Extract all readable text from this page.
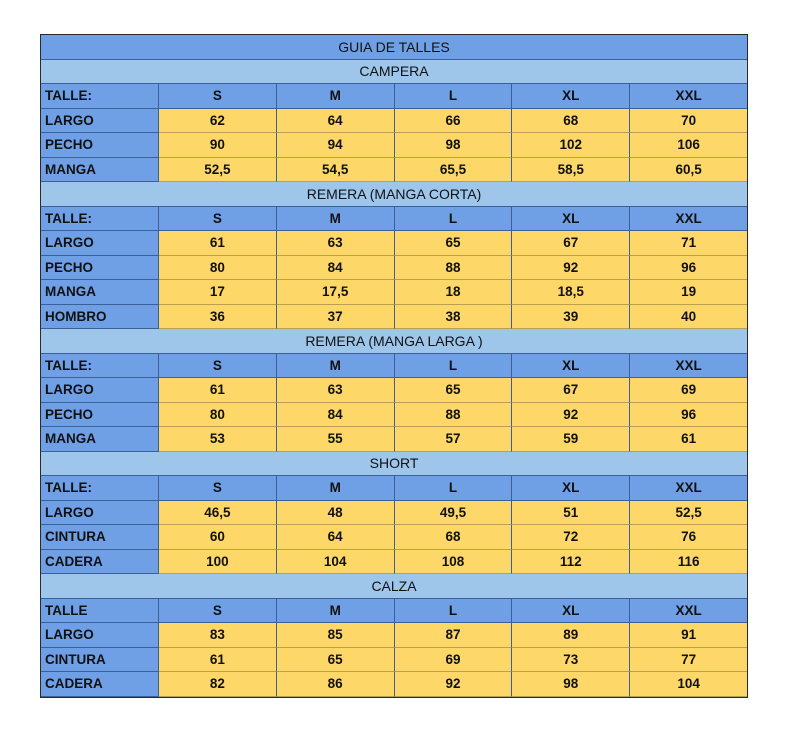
GUIA DE TALLES
CAMPERA
TALLE:	S	M	L	XL	XXL
LARGO	62	64	66	68	70
PECHO	90	94	98	102	106
MANGA	52,5	54,5	65,5	58,5	60,5
REMERA (MANGA CORTA)
TALLE:	S	M	L	XL	XXL
LARGO	61	63	65	67	71
PECHO	80	84	88	92	96
MANGA	17	17,5	18	18,5	19
HOMBRO	36	37	38	39	40
REMERA (MANGA LARGA )
TALLE:	S	M	L	XL	XXL
LARGO	61	63	65	67	69
PECHO	80	84	88	92	96
MANGA	53	55	57	59	61
SHORT
TALLE:	S	M	L	XL	XXL
LARGO	46,5	48	49,5	51	52,5
CINTURA	60	64	68	72	76
CADERA	100	104	108	112	116
CALZA
TALLE	S	M	L	XL	XXL
LARGO	83	85	87	89	91
CINTURA	61	65	69	73	77
CADERA	82	86	92	98	104
